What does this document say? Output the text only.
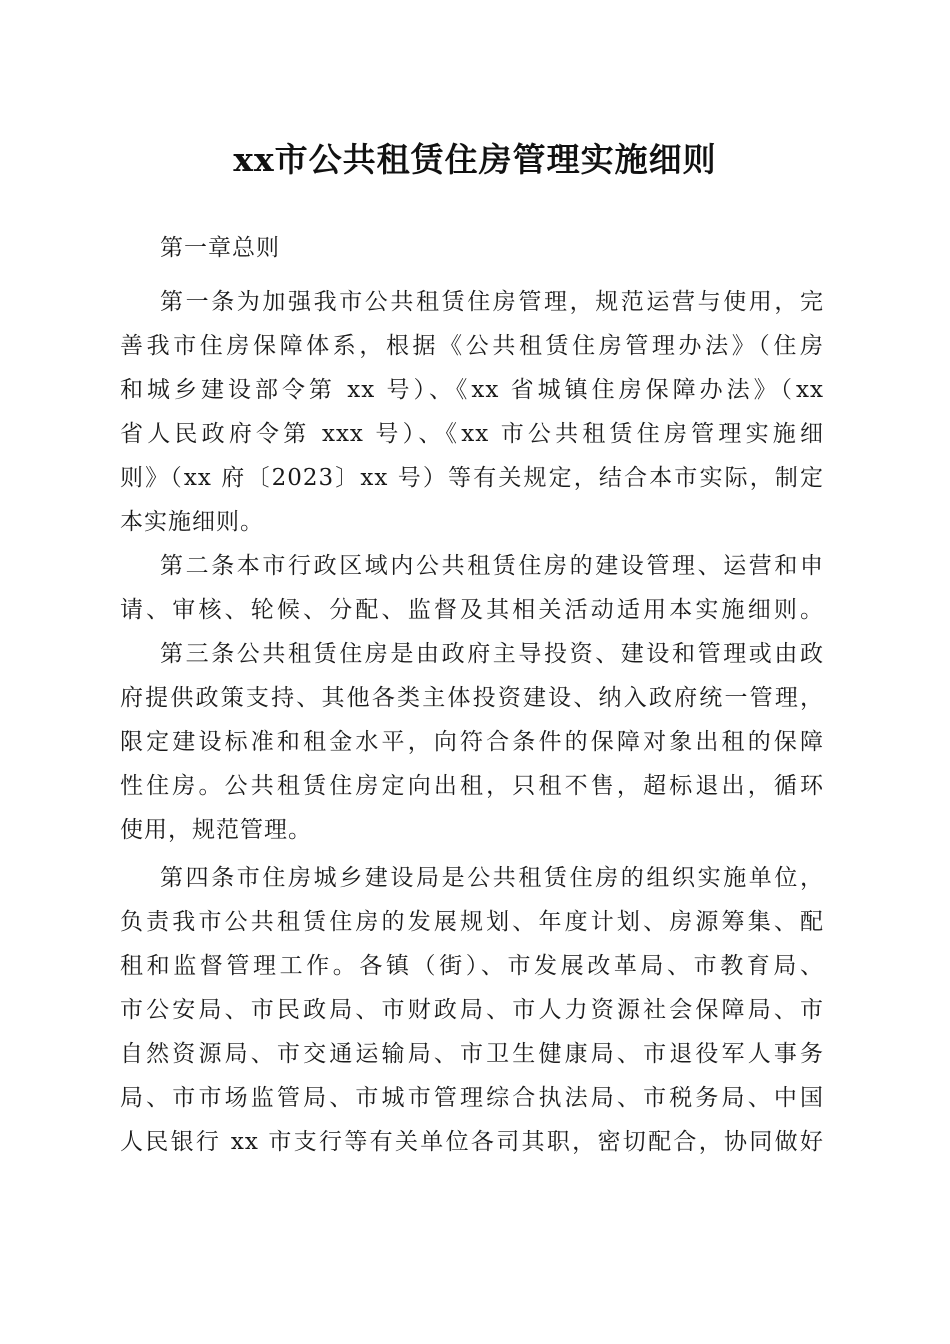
xx市公共租赁住房管理实施细则
第一章总则
第一条为加强我市公共租赁住房管理，规范运营与使用，完
善我市住房保障体系，根据《公共租赁住房管理办法》（住房
和城乡建设部令第 xx 号）、《xx 省城镇住房保障办法》（xx
省人民政府令第 xxx 号）、《xx 市公共租赁住房管理实施细
则》（xx 府〔2023〕xx 号）等有关规定，结合本市实际，制定
本实施细则。
第二条本市行政区域内公共租赁住房的建设管理、运营和申
请、审核、轮候、分配、监督及其相关活动适用本实施细则。
第三条公共租赁住房是由政府主导投资、建设和管理或由政
府提供政策支持、其他各类主体投资建设、纳入政府统一管理，
限定建设标准和租金水平，向符合条件的保障对象出租的保障
性住房。公共租赁住房定向出租，只租不售，超标退出，循环
使用，规范管理。
第四条市住房城乡建设局是公共租赁住房的组织实施单位，
负责我市公共租赁住房的发展规划、年度计划、房源筹集、配
租和监督管理工作。各镇（街）、市发展改革局、市教育局、
市公安局、市民政局、市财政局、市人力资源社会保障局、市
自然资源局、市交通运输局、市卫生健康局、市退役军人事务
局、市市场监管局、市城市管理综合执法局、市税务局、中国
人民银行 xx 市支行等有关单位各司其职，密切配合，协同做好
